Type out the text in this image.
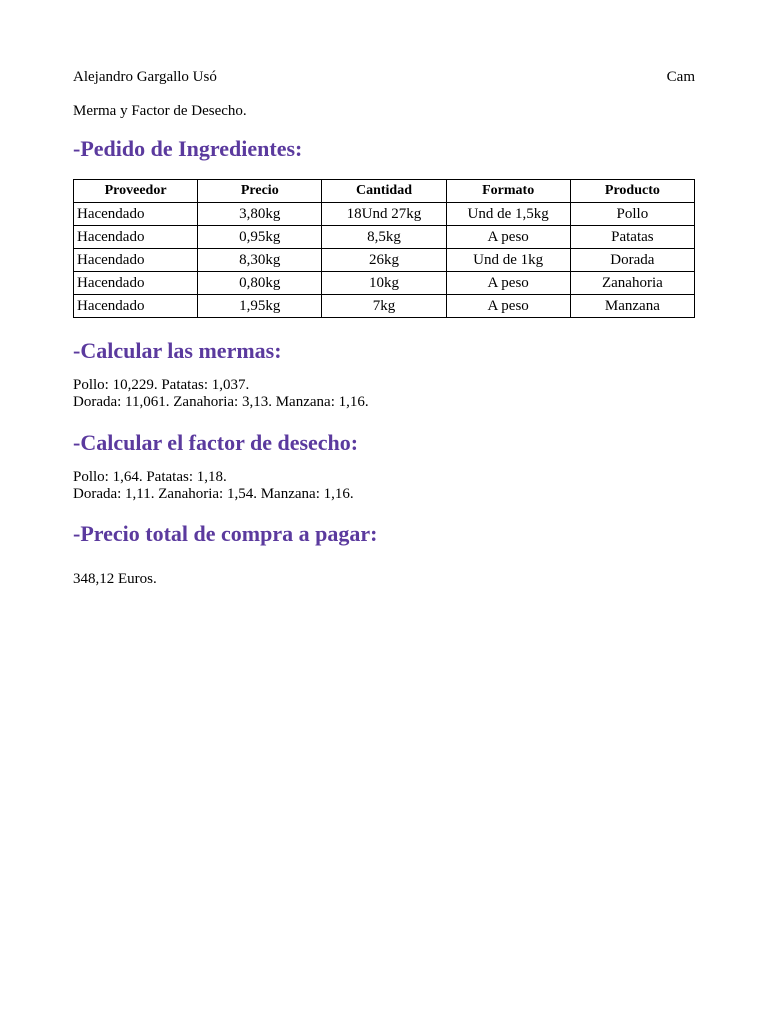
Alejandro Gargallo Usó	Cam
Merma y Factor de Desecho.
-Pedido de Ingredientes:
Proveedor	Precio	Cantidad	Formato	Producto
Hacendado	3,80kg	18Und 27kg	Und de 1,5kg	Pollo
Hacendado	0,95kg	8,5kg	A peso	Patatas
Hacendado	8,30kg	26kg	Und de 1kg	Dorada
Hacendado	0,80kg	10kg	A peso	Zanahoria
Hacendado	1,95kg	7kg	A peso	Manzana
-Calcular las mermas:
Pollo: 10,229. Patatas: 1,037.
Dorada: 11,061. Zanahoria: 3,13. Manzana: 1,16.
-Calcular el factor de desecho:
Pollo: 1,64. Patatas: 1,18.
Dorada: 1,11. Zanahoria: 1,54. Manzana: 1,16.
-Precio total de compra a pagar:
348,12 Euros.
